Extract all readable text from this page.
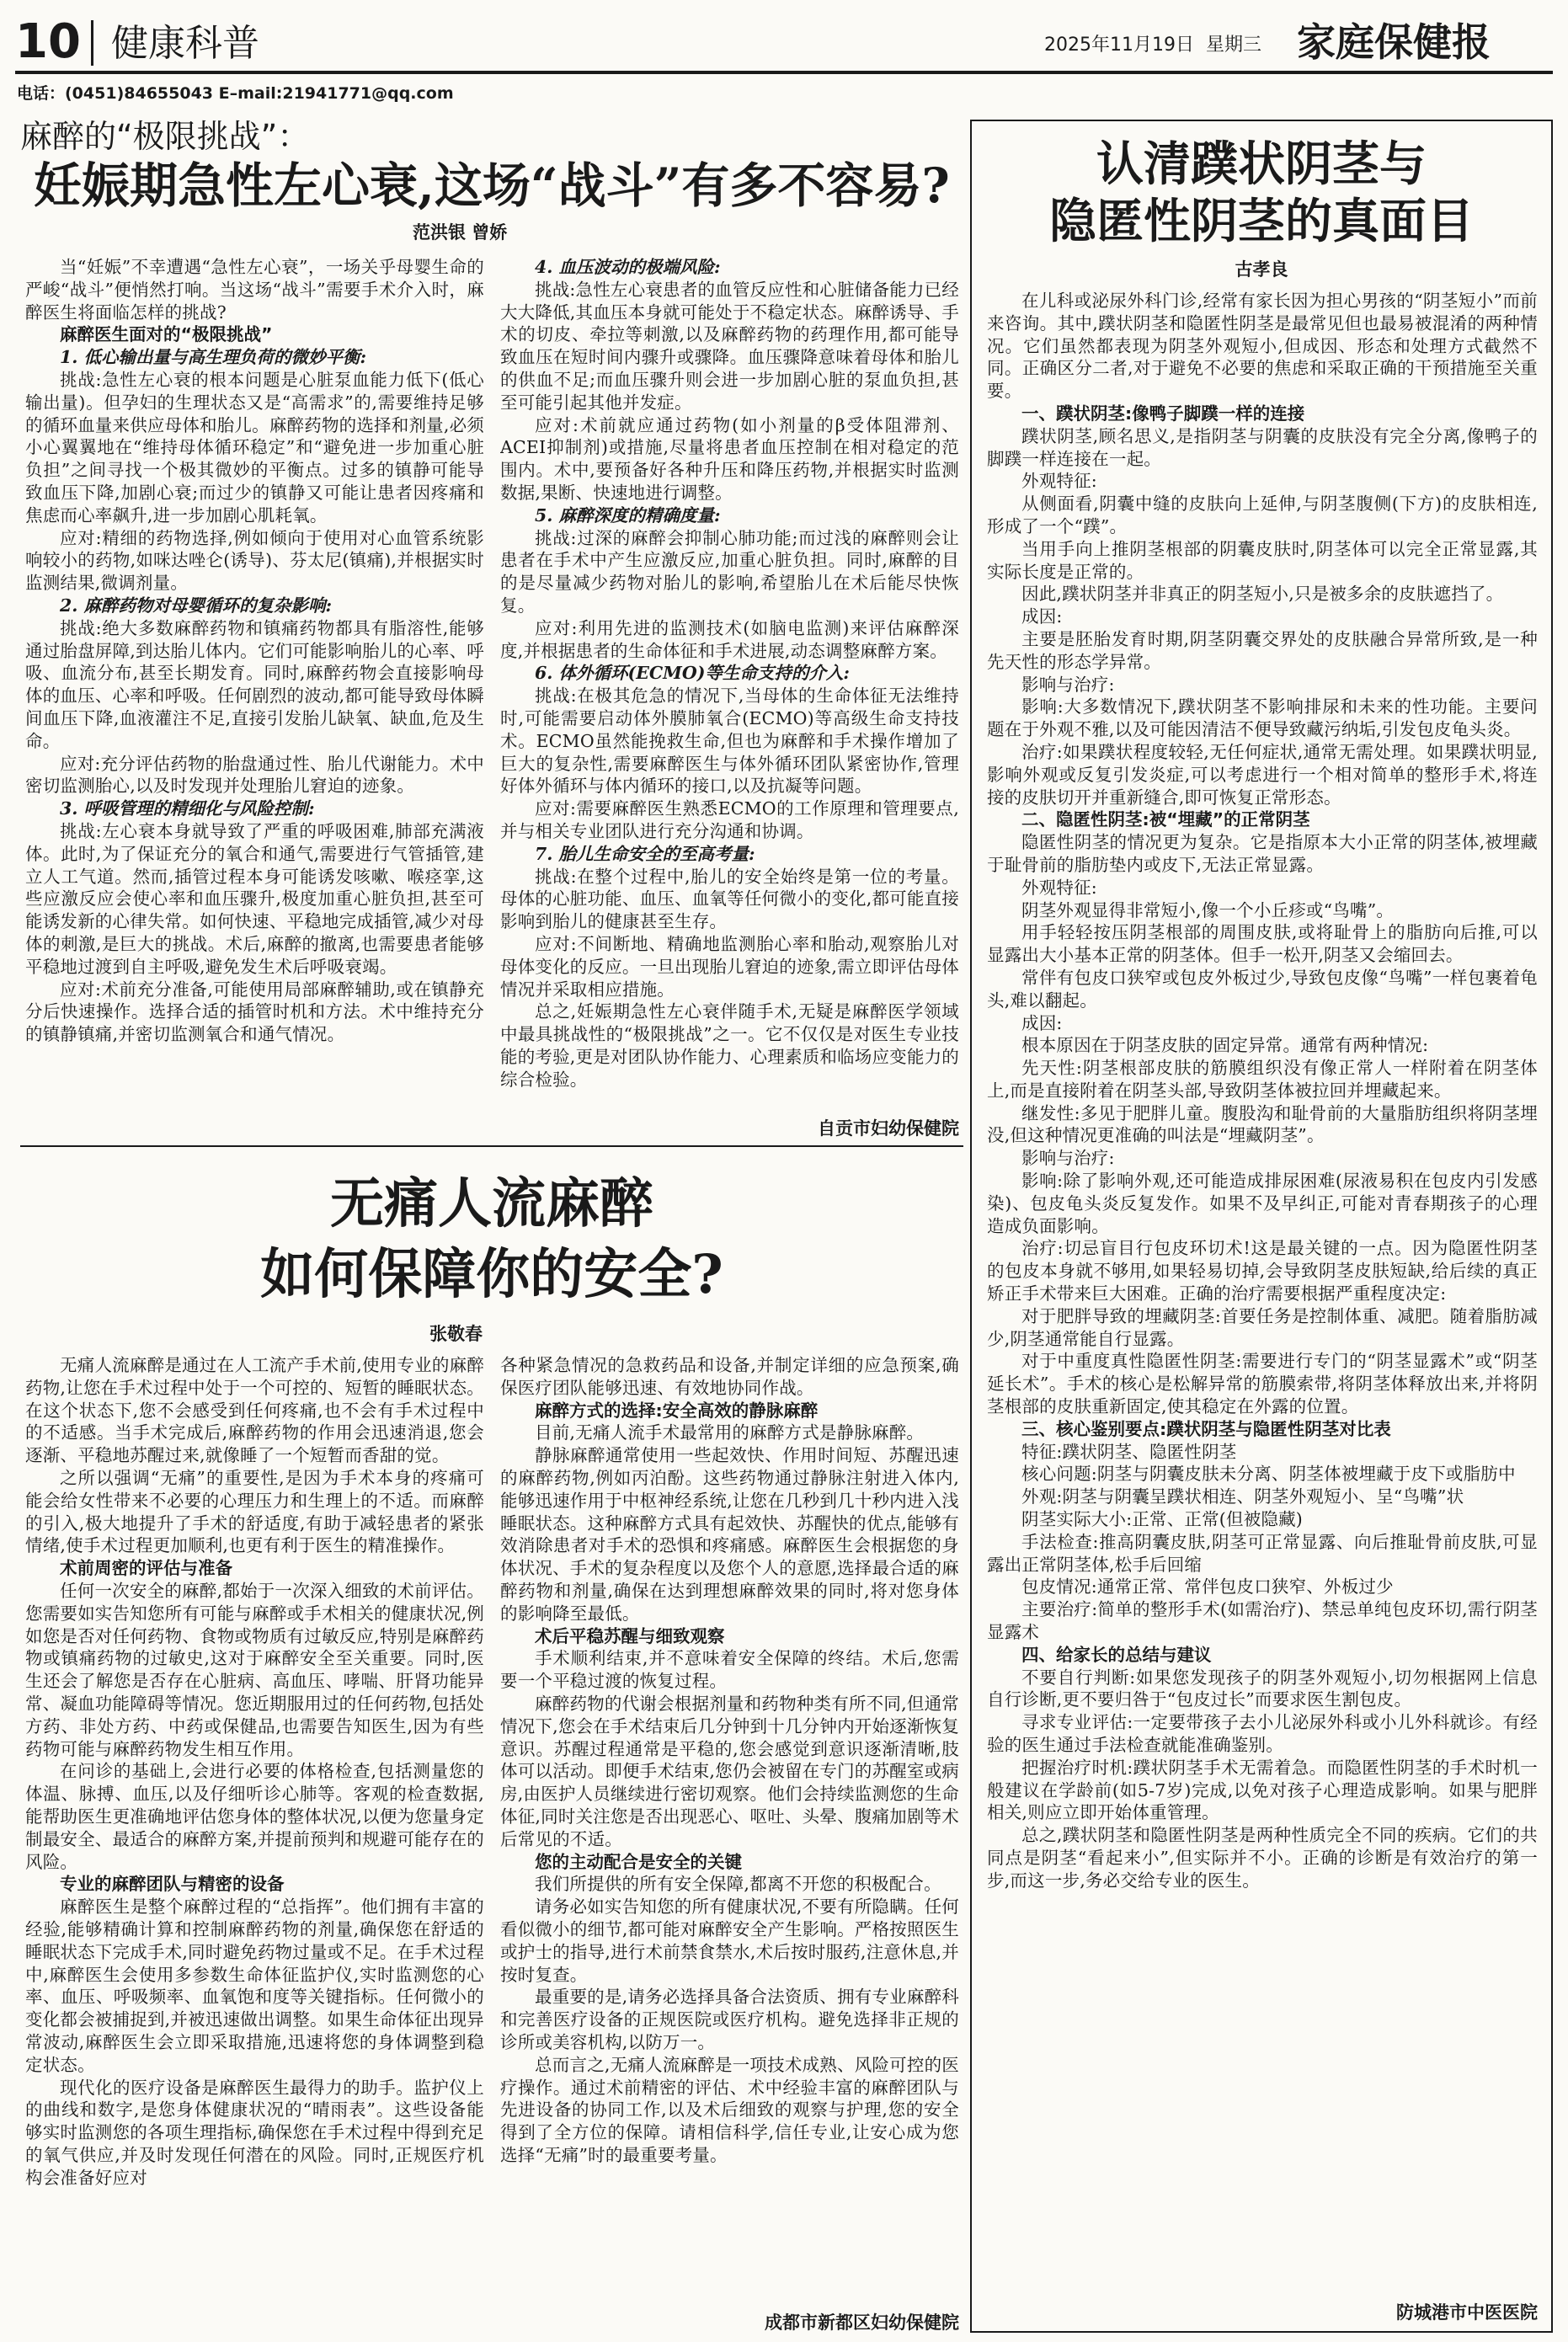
10 健康科普	2025年11月19日 星期三 家庭保健报
电话：(0451)84655043 E–mail:21941771@qq.com
麻醉的“极限挑战”：
妊娠期急性左心衰,这场“战斗”有多不容易?
范洪银 曾娇

当“妊娠”不幸遭遇“急性左心衰”，一场关乎母婴生命的严峻“战斗”便悄然打响。当这场“战斗”需要手术介入时，麻醉医生将面临怎样的挑战?

麻醉医生面对的“极限挑战”

1. 低心输出量与高生理负荷的微妙平衡:

挑战:急性左心衰的根本问题是心脏泵血能力低下(低心输出量)。但孕妇的生理状态又是“高需求”的,需要维持足够的循环血量来供应母体和胎儿。麻醉药物的选择和剂量,必须小心翼翼地在“维持母体循环稳定”和“避免进一步加重心脏负担”之间寻找一个极其微妙的平衡点。过多的镇静可能导致血压下降,加剧心衰;而过少的镇静又可能让患者因疼痛和焦虑而心率飙升,进一步加剧心肌耗氧。

应对:精细的药物选择,例如倾向于使用对心血管系统影响较小的药物,如咪达唑仑(诱导)、芬太尼(镇痛),并根据实时监测结果,微调剂量。

2. 麻醉药物对母婴循环的复杂影响:

挑战:绝大多数麻醉药物和镇痛药物都具有脂溶性,能够通过胎盘屏障,到达胎儿体内。它们可能影响胎儿的心率、呼吸、血流分布,甚至长期发育。同时,麻醉药物会直接影响母体的血压、心率和呼吸。任何剧烈的波动,都可能导致母体瞬间血压下降,血液灌注不足,直接引发胎儿缺氧、缺血,危及生命。

应对:充分评估药物的胎盘通过性、胎儿代谢能力。术中密切监测胎心,以及时发现并处理胎儿窘迫的迹象。

3. 呼吸管理的精细化与风险控制:

挑战:左心衰本身就导致了严重的呼吸困难,肺部充满液体。此时,为了保证充分的氧合和通气,需要进行气管插管,建立人工气道。然而,插管过程本身可能诱发咳嗽、喉痉挛,这些应激反应会使心率和血压骤升,极度加重心脏负担,甚至可能诱发新的心律失常。如何快速、平稳地完成插管,减少对母体的刺激,是巨大的挑战。术后,麻醉的撤离,也需要患者能够平稳地过渡到自主呼吸,避免发生术后呼吸衰竭。

应对:术前充分准备,可能使用局部麻醉辅助,或在镇静充分后快速操作。选择合适的插管时机和方法。术中维持充分的镇静镇痛,并密切监测氧合和通气情况。

4. 血压波动的极端风险:

挑战:急性左心衰患者的血管反应性和心脏储备能力已经大大降低,其血压本身就可能处于不稳定状态。麻醉诱导、手术的切皮、牵拉等刺激,以及麻醉药物的药理作用,都可能导致血压在短时间内骤升或骤降。血压骤降意味着母体和胎儿的供血不足;而血压骤升则会进一步加剧心脏的泵血负担,甚至可能引起其他并发症。

应对:术前就应通过药物(如小剂量的β受体阻滞剂、ACEI抑制剂)或措施,尽量将患者血压控制在相对稳定的范围内。术中,要预备好各种升压和降压药物,并根据实时监测数据,果断、快速地进行调整。

5. 麻醉深度的精确度量:

挑战:过深的麻醉会抑制心肺功能;而过浅的麻醉则会让患者在手术中产生应激反应,加重心脏负担。同时,麻醉的目的是尽量减少药物对胎儿的影响,希望胎儿在术后能尽快恢复。

应对:利用先进的监测技术(如脑电监测)来评估麻醉深度,并根据患者的生命体征和手术进展,动态调整麻醉方案。

6. 体外循环(ECMO)等生命支持的介入:

挑战:在极其危急的情况下,当母体的生命体征无法维持时,可能需要启动体外膜肺氧合(ECMO)等高级生命支持技术。ECMO虽然能挽救生命,但也为麻醉和手术操作增加了巨大的复杂性,需要麻醉医生与体外循环团队紧密协作,管理好体外循环与体内循环的接口,以及抗凝等问题。

应对:需要麻醉医生熟悉ECMO的工作原理和管理要点,并与相关专业团队进行充分沟通和协调。

7. 胎儿生命安全的至高考量:

挑战:在整个过程中,胎儿的安全始终是第一位的考量。母体的心脏功能、血压、血氧等任何微小的变化,都可能直接影响到胎儿的健康甚至生存。

应对:不间断地、精确地监测胎心率和胎动,观察胎儿对母体变化的反应。一旦出现胎儿窘迫的迹象,需立即评估母体情况并采取相应措施。

总之,妊娠期急性左心衰伴随手术,无疑是麻醉医学领域中最具挑战性的“极限挑战”之一。它不仅仅是对医生专业技能的考验,更是对团队协作能力、心理素质和临场应变能力的综合检验。

自贡市妇幼保健院
无痛人流麻醉
如何保障你的安全?
张敬春

无痛人流麻醉是通过在人工流产手术前,使用专业的麻醉药物,让您在手术过程中处于一个可控的、短暂的睡眠状态。在这个状态下,您不会感受到任何疼痛,也不会有手术过程中的不适感。当手术完成后,麻醉药物的作用会迅速消退,您会逐渐、平稳地苏醒过来,就像睡了一个短暂而香甜的觉。

之所以强调“无痛”的重要性,是因为手术本身的疼痛可能会给女性带来不必要的心理压力和生理上的不适。而麻醉的引入,极大地提升了手术的舒适度,有助于减轻患者的紧张情绪,使手术过程更加顺利,也更有利于医生的精准操作。

术前周密的评估与准备

任何一次安全的麻醉,都始于一次深入细致的术前评估。您需要如实告知您所有可能与麻醉或手术相关的健康状况,例如您是否对任何药物、食物或物质有过敏反应,特别是麻醉药物或镇痛药物的过敏史,这对于麻醉安全至关重要。同时,医生还会了解您是否存在心脏病、高血压、哮喘、肝肾功能异常、凝血功能障碍等情况。您近期服用过的任何药物,包括处方药、非处方药、中药或保健品,也需要告知医生,因为有些药物可能与麻醉药物发生相互作用。

在问诊的基础上,会进行必要的体格检查,包括测量您的体温、脉搏、血压,以及仔细听诊心肺等。客观的检查数据,能帮助医生更准确地评估您身体的整体状况,以便为您量身定制最安全、最适合的麻醉方案,并提前预判和规避可能存在的风险。

专业的麻醉团队与精密的设备

麻醉医生是整个麻醉过程的“总指挥”。他们拥有丰富的经验,能够精确计算和控制麻醉药物的剂量,确保您在舒适的睡眠状态下完成手术,同时避免药物过量或不足。在手术过程中,麻醉医生会使用多参数生命体征监护仪,实时监测您的心率、血压、呼吸频率、血氧饱和度等关键指标。任何微小的变化都会被捕捉到,并被迅速做出调整。如果生命体征出现异常波动,麻醉医生会立即采取措施,迅速将您的身体调整到稳定状态。

现代化的医疗设备是麻醉医生最得力的助手。监护仪上的曲线和数字,是您身体健康状况的“晴雨表”。这些设备能够实时监测您的各项生理指标,确保您在手术过程中得到充足的氧气供应,并及时发现任何潜在的风险。同时,正规医疗机构会准备好应对

各种紧急情况的急救药品和设备,并制定详细的应急预案,确保医疗团队能够迅速、有效地协同作战。

麻醉方式的选择:安全高效的静脉麻醉

目前,无痛人流手术最常用的麻醉方式是静脉麻醉。

静脉麻醉通常使用一些起效快、作用时间短、苏醒迅速的麻醉药物,例如丙泊酚。这些药物通过静脉注射进入体内,能够迅速作用于中枢神经系统,让您在几秒到几十秒内进入浅睡眠状态。这种麻醉方式具有起效快、苏醒快的优点,能够有效消除患者对手术的恐惧和疼痛感。麻醉医生会根据您的身体状况、手术的复杂程度以及您个人的意愿,选择最合适的麻醉药物和剂量,确保在达到理想麻醉效果的同时,将对您身体的影响降至最低。

术后平稳苏醒与细致观察

手术顺利结束,并不意味着安全保障的终结。术后,您需要一个平稳过渡的恢复过程。

麻醉药物的代谢会根据剂量和药物种类有所不同,但通常情况下,您会在手术结束后几分钟到十几分钟内开始逐渐恢复意识。苏醒过程通常是平稳的,您会感觉到意识逐渐清晰,肢体可以活动。即便手术结束,您仍会被留在专门的苏醒室或病房,由医护人员继续进行密切观察。他们会持续监测您的生命体征,同时关注您是否出现恶心、呕吐、头晕、腹痛加剧等术后常见的不适。

您的主动配合是安全的关键

我们所提供的所有安全保障,都离不开您的积极配合。

请务必如实告知您的所有健康状况,不要有所隐瞒。任何看似微小的细节,都可能对麻醉安全产生影响。严格按照医生或护士的指导,进行术前禁食禁水,术后按时服药,注意休息,并按时复查。

最重要的是,请务必选择具备合法资质、拥有专业麻醉科和完善医疗设备的正规医院或医疗机构。避免选择非正规的诊所或美容机构,以防万一。

总而言之,无痛人流麻醉是一项技术成熟、风险可控的医疗操作。通过术前精密的评估、术中经验丰富的麻醉团队与先进设备的协同工作,以及术后细致的观察与护理,您的安全得到了全方位的保障。请相信科学,信任专业,让安心成为您选择“无痛”时的最重要考量。

成都市新都区妇幼保健院
认清蹼状阴茎与
隐匿性阴茎的真面目
古孝良

在儿科或泌尿外科门诊,经常有家长因为担心男孩的“阴茎短小”而前来咨询。其中,蹼状阴茎和隐匿性阴茎是最常见但也最易被混淆的两种情况。它们虽然都表现为阴茎外观短小,但成因、形态和处理方式截然不同。正确区分二者,对于避免不必要的焦虑和采取正确的干预措施至关重要。

一、蹼状阴茎:像鸭子脚蹼一样的连接

蹼状阴茎,顾名思义,是指阴茎与阴囊的皮肤没有完全分离,像鸭子的脚蹼一样连接在一起。

外观特征:

从侧面看,阴囊中缝的皮肤向上延伸,与阴茎腹侧(下方)的皮肤相连,形成了一个“蹼”。

当用手向上推阴茎根部的阴囊皮肤时,阴茎体可以完全正常显露,其实际长度是正常的。

因此,蹼状阴茎并非真正的阴茎短小,只是被多余的皮肤遮挡了。

成因:

主要是胚胎发育时期,阴茎阴囊交界处的皮肤融合异常所致,是一种先天性的形态学异常。

影响与治疗:

影响:大多数情况下,蹼状阴茎不影响排尿和未来的性功能。主要问题在于外观不雅,以及可能因清洁不便导致藏污纳垢,引发包皮龟头炎。

治疗:如果蹼状程度较轻,无任何症状,通常无需处理。如果蹼状明显,影响外观或反复引发炎症,可以考虑进行一个相对简单的整形手术,将连接的皮肤切开并重新缝合,即可恢复正常形态。

二、隐匿性阴茎:被“埋藏”的正常阴茎

隐匿性阴茎的情况更为复杂。它是指原本大小正常的阴茎体,被埋藏于耻骨前的脂肪垫内或皮下,无法正常显露。

外观特征:

阴茎外观显得非常短小,像一个小丘疹或“鸟嘴”。

用手轻轻按压阴茎根部的周围皮肤,或将耻骨上的脂肪向后推,可以显露出大小基本正常的阴茎体。但手一松开,阴茎又会缩回去。

常伴有包皮口狭窄或包皮外板过少,导致包皮像“鸟嘴”一样包裹着龟头,难以翻起。

成因:

根本原因在于阴茎皮肤的固定异常。通常有两种情况:

先天性:阴茎根部皮肤的筋膜组织没有像正常人一样附着在阴茎体上,而是直接附着在阴茎头部,导致阴茎体被拉回并埋藏起来。

继发性:多见于肥胖儿童。腹股沟和耻骨前的大量脂肪组织将阴茎埋没,但这种情况更准确的叫法是“埋藏阴茎”。

影响与治疗:

影响:除了影响外观,还可能造成排尿困难(尿液易积在包皮内引发感染)、包皮龟头炎反复发作。如果不及早纠正,可能对青春期孩子的心理造成负面影响。

治疗:切忌盲目行包皮环切术!这是最关键的一点。因为隐匿性阴茎的包皮本身就不够用,如果轻易切掉,会导致阴茎皮肤短缺,给后续的真正矫正手术带来巨大困难。正确的治疗需要根据严重程度决定:

对于肥胖导致的埋藏阴茎:首要任务是控制体重、减肥。随着脂肪减少,阴茎通常能自行显露。

对于中重度真性隐匿性阴茎:需要进行专门的“阴茎显露术”或“阴茎延长术”。手术的核心是松解异常的筋膜索带,将阴茎体释放出来,并将阴茎根部的皮肤重新固定,使其稳定在外露的位置。

三、核心鉴别要点:蹼状阴茎与隐匿性阴茎对比表

特征:蹼状阴茎、隐匿性阴茎

核心问题:阴茎与阴囊皮肤未分离、阴茎体被埋藏于皮下或脂肪中

外观:阴茎与阴囊呈蹼状相连、阴茎外观短小、呈“鸟嘴”状

阴茎实际大小:正常、正常(但被隐藏)

手法检查:推高阴囊皮肤,阴茎可正常显露、向后推耻骨前皮肤,可显露出正常阴茎体,松手后回缩

包皮情况:通常正常、常伴包皮口狭窄、外板过少

主要治疗:简单的整形手术(如需治疗)、禁忌单纯包皮环切,需行阴茎显露术

四、给家长的总结与建议

不要自行判断:如果您发现孩子的阴茎外观短小,切勿根据网上信息自行诊断,更不要归咎于“包皮过长”而要求医生割包皮。

寻求专业评估:一定要带孩子去小儿泌尿外科或小儿外科就诊。有经验的医生通过手法检查就能准确鉴别。

把握治疗时机:蹼状阴茎手术无需着急。而隐匿性阴茎的手术时机一般建议在学龄前(如5-7岁)完成,以免对孩子心理造成影响。如果与肥胖相关,则应立即开始体重管理。

总之,蹼状阴茎和隐匿性阴茎是两种性质完全不同的疾病。它们的共同点是阴茎“看起来小”,但实际并不小。正确的诊断是有效治疗的第一步,而这一步,务必交给专业的医生。

防城港市中医医院
